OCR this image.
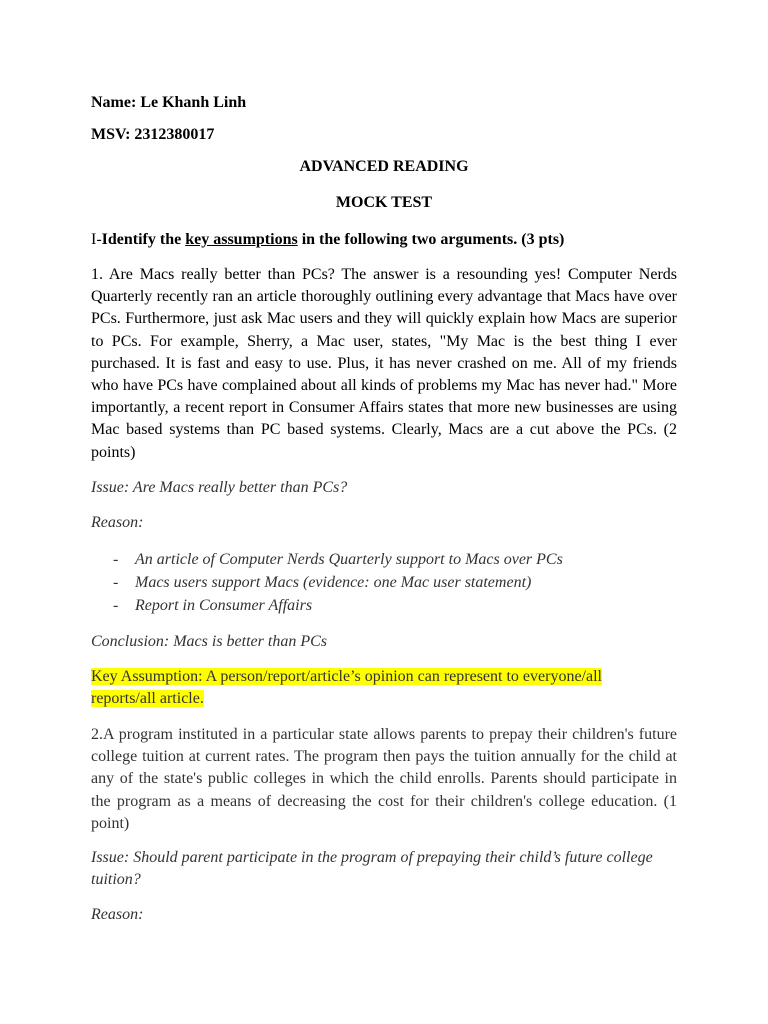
Name: Le Khanh Linh
MSV: 2312380017
ADVANCED READING
MOCK TEST
I-Identify the key assumptions in the following two arguments. (3 pts)
1. Are Macs really better than PCs? The answer is a resounding yes! Computer Nerds Quarterly recently ran an article thoroughly outlining every advantage that Macs have over PCs. Furthermore, just ask Mac users and they will quickly explain how Macs are superior to PCs. For example, Sherry, a Mac user, states, "My Mac is the best thing I ever purchased. It is fast and easy to use. Plus, it has never crashed on me. All of my friends who have PCs have complained about all kinds of problems my Mac has never had." More importantly, a recent report in Consumer Affairs states that more new businesses are using Mac based systems than PC based systems. Clearly, Macs are a cut above the PCs. (2 points)
Issue: Are Macs really better than PCs?
Reason:
- An article of Computer Nerds Quarterly support to Macs over PCs
- Macs users support Macs (evidence: one Mac user statement)
- Report in Consumer Affairs
Conclusion: Macs is better than PCs
Key Assumption: A person/report/article’s opinion can represent to everyone/all
reports/all article.
2.A program instituted in a particular state allows parents to prepay their children's future college tuition at current rates. The program then pays the tuition annually for the child at any of the state's public colleges in which the child enrolls. Parents should participate in the program as a means of decreasing the cost for their children's college education. (1 point)
Issue: Should parent participate in the program of prepaying their child’s future college tuition?
Reason:
